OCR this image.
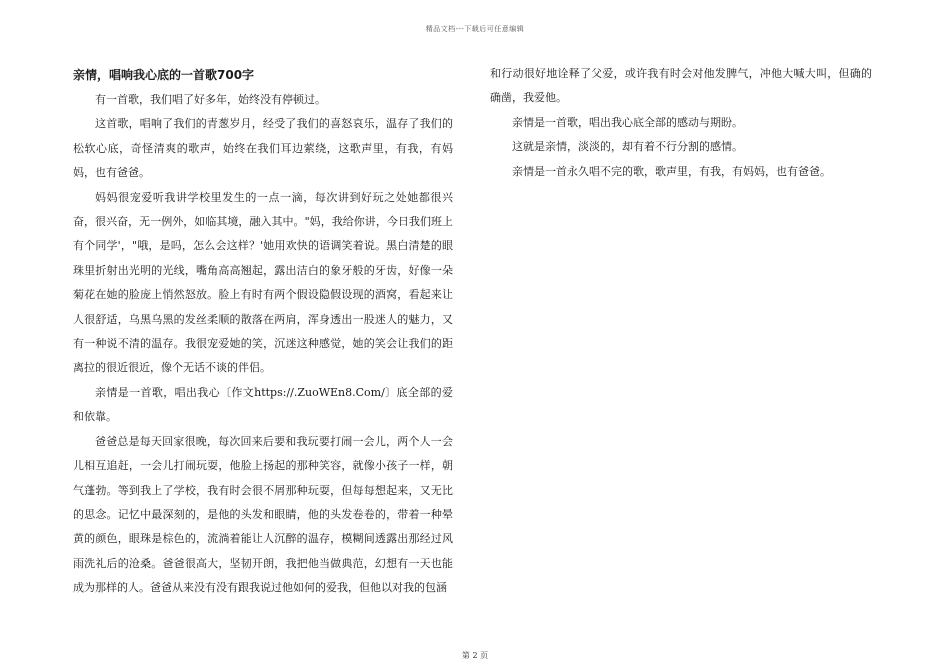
精品文档---下载后可任意编辑
亲情，唱响我心底的一首歌700字

有一首歌，我们唱了好多年，始终没有停顿过。

这首歌，唱响了我们的青葱岁月，经受了我们的喜怒哀乐，温存了我们的松软心底，奇怪清爽的歌声，始终在我们耳边萦绕，这歌声里，有我，有妈妈，也有爸爸。

妈妈很宠爱听我讲学校里发生的一点一滴，每次讲到好玩之处她都很兴奋，很兴奋，无一例外，如临其境，融入其中。"妈，我给你讲，今日我们班上有个同学'，"哦，是吗，怎么会这样？'她用欢快的语调笑着说。黑白清楚的眼珠里折射出光明的光线，嘴角高高翘起，露出洁白的象牙般的牙齿，好像一朵菊花在她的脸庞上悄然怒放。脸上有时有两个假设隐假设现的酒窝，看起来让人很舒适，乌黑乌黑的发丝柔顺的散落在两肩，浑身透出一股迷人的魅力，又有一种说不清的温存。我很宠爱她的笑，沉迷这种感觉，她的笑会让我们的距离拉的很近很近，像个无话不谈的伴侣。

亲情是一首歌，唱出我心〔作文https://.ZuoWEn8.Com/〕底全部的爱和依靠。

爸爸总是每天回家很晚，每次回来后要和我玩要打闹一会儿，两个人一会儿相互追赶，一会儿打闹玩耍，他脸上扬起的那种笑容，就像小孩子一样，朝气蓬勃。等到我上了学校，我有时会很不屑那种玩耍，但每每想起来，又无比的思念。记忆中最深刻的，是他的头发和眼睛，他的头发卷卷的，带着一种晕黄的颜色，眼珠是棕色的，流淌着能让人沉醉的温存，模糊间透露出那经过风雨洗礼后的沧桑。爸爸很高大，坚韧开朗，我把他当做典范，幻想有一天也能成为那样的人。爸爸从来没有没有跟我说过他如何的爱我，但他以对我的包涵

和行动很好地诠释了父爱，或许我有时会对他发脾气，冲他大喊大叫，但确的确凿，我爱他。

亲情是一首歌，唱出我心底全部的感动与期盼。

这就是亲情，淡淡的，却有着不行分割的感情。

亲情是一首永久唱不完的歌，歌声里，有我，有妈妈，也有爸爸。

第 2 页
